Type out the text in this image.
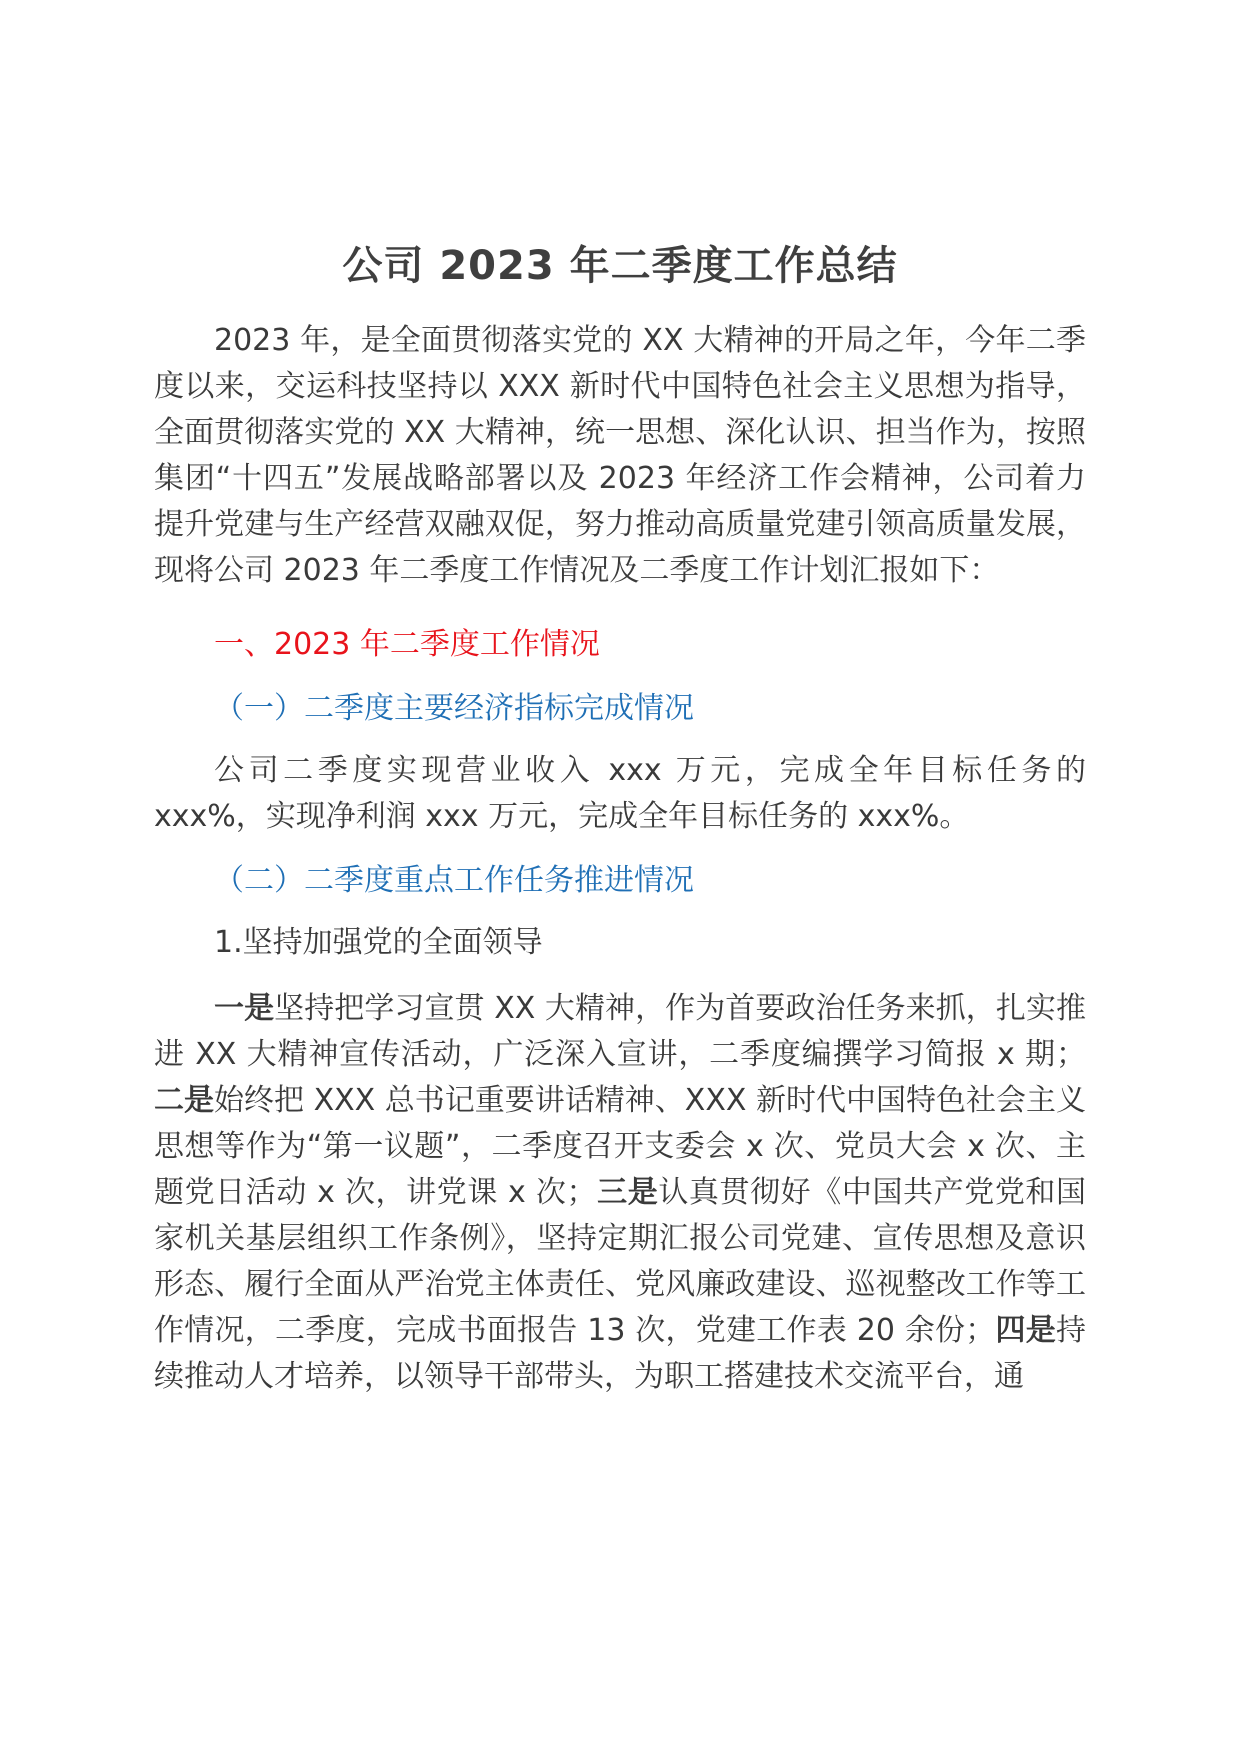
公司 2023 年二季度工作总结

2023 年，是全面贯彻落实党的 XX 大精神的开局之年，今年二季度以来，交运科技坚持以 XXX 新时代中国特色社会主义思想为指导，全面贯彻落实党的 XX 大精神，统一思想、深化认识、担当作为，按照集团“十四五”发展战略部署以及 2023 年经济工作会精神，公司着力提升党建与生产经营双融双促，努力推动高质量党建引领高质量发展，现将公司 2023 年二季度工作情况及二季度工作计划汇报如下：

一、2023 年二季度工作情况

（一）二季度主要经济指标完成情况

公司二季度实现营业收入 xxx 万元，完成全年目标任务的 xxx%，实现净利润 xxx 万元，完成全年目标任务的 xxx%。

（二）二季度重点工作任务推进情况

1.坚持加强党的全面领导

一是坚持把学习宣贯 XX 大精神，作为首要政治任务来抓，扎实推进 XX 大精神宣传活动，广泛深入宣讲，二季度编撰学习简报 x 期；二是始终把 XXX 总书记重要讲话精神、XXX 新时代中国特色社会主义思想等作为“第一议题”，二季度召开支委会 x 次、党员大会 x 次、主题党日活动 x 次，讲党课 x 次；三是认真贯彻好《中国共产党党和国家机关基层组织工作条例》，坚持定期汇报公司党建、宣传思想及意识形态、履行全面从严治党主体责任、党风廉政建设、巡视整改工作等工作情况，二季度，完成书面报告 13 次，党建工作表 20 余份；四是持续推动人才培养，以领导干部带头，为职工搭建技术交流平台，通
